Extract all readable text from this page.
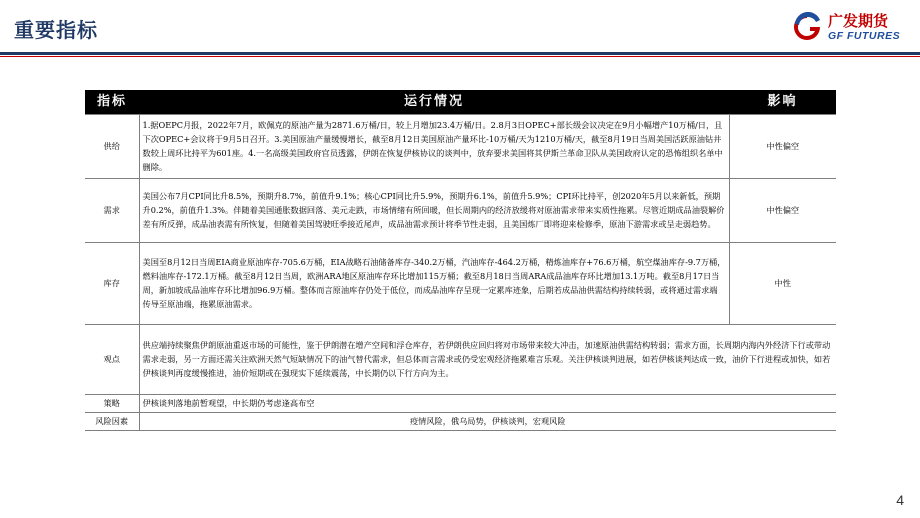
重要指标	广发期货
GF FUTURES
指标	运行情况	影响
供给	1.据OEPC月报，2022年7月，欧佩克的原油产量为2871.6万桶/日，较上月增加23.4万桶/日。2.8月3日OPEC+部长级会议决定在9月小幅增产10万桶/日，且下次OPEC+会议将于9月5日召开。3.美国原油产量缓慢增长，截至8月12日美国原油产量环比-10万桶/天为1210万桶/天，截至8月19日当周美国活跃原油钻井数较上周环比持平为601座。4.一名高级美国政府官员透露，伊朗在恢复伊核协议的谈判中，放弃要求美国将其伊斯兰革命卫队从美国政府认定的恐怖组织名单中删除。	中性偏空
需求	美国公布7月CPI同比升8.5%，预期升8.7%，前值升9.1%；核心CPI同比升5.9%，预期升6.1%，前值升5.9%；CPI环比持平，创2020年5月以来新低，预期升0.2%，前值升1.3%。伴随着美国通胀数据回落、美元走跌，市场情绪有所回暖，但长周期内的经济放缓将对原油需求带来实质性拖累。尽管近期成品油裂解价差有所反弹，成品油表需有所恢复，但随着美国驾驶旺季接近尾声，成品油需求预计将季节性走弱，且美国炼厂即将迎来检修季，原油下游需求或呈走弱趋势。	中性偏空
库存	美国至8月12日当周EIA商业原油库存-705.6万桶，EIA战略石油储备库存-340.2万桶，汽油库存-464.2万桶，精炼油库存+76.6万桶，航空煤油库存-9.7万桶，燃料油库存-172.1万桶。截至8月12日当周，欧洲ARA地区原油库存环比增加115万桶；截至8月18日当周ARA成品油库存环比增加13.1万吨。截至8月17日当周，新加坡成品油库存环比增加96.9万桶。整体而言原油库存仍处于低位，而成品油库存呈现一定累库迹象，后期若成品油供需结构持续转弱，或将通过需求端传导至原油端，拖累原油需求。	中性
观点	供应端持续聚焦伊朗原油重返市场的可能性，鉴于伊朗潜在增产空间和浮仓库存，若伊朗供应回归将对市场带来较大冲击，加速原油供需结构转弱；需求方面，长周期内海内外经济下行或带动需求走弱，另一方面还需关注欧洲天然气短缺情况下的油气替代需求，但总体而言需求或仍受宏观经济拖累难言乐观。关注伊核谈判进展，如若伊核谈判达成一致，油价下行进程或加快，如若伊核谈判再度缓慢推进，油价短期或在强现实下延续震荡，中长期仍以下行方向为主。	
策略	伊核谈判落地前暂观望，中长期仍考虑逢高布空	
风险因素	疫情风险，俄乌局势，伊核谈判，宏观风险	
4
